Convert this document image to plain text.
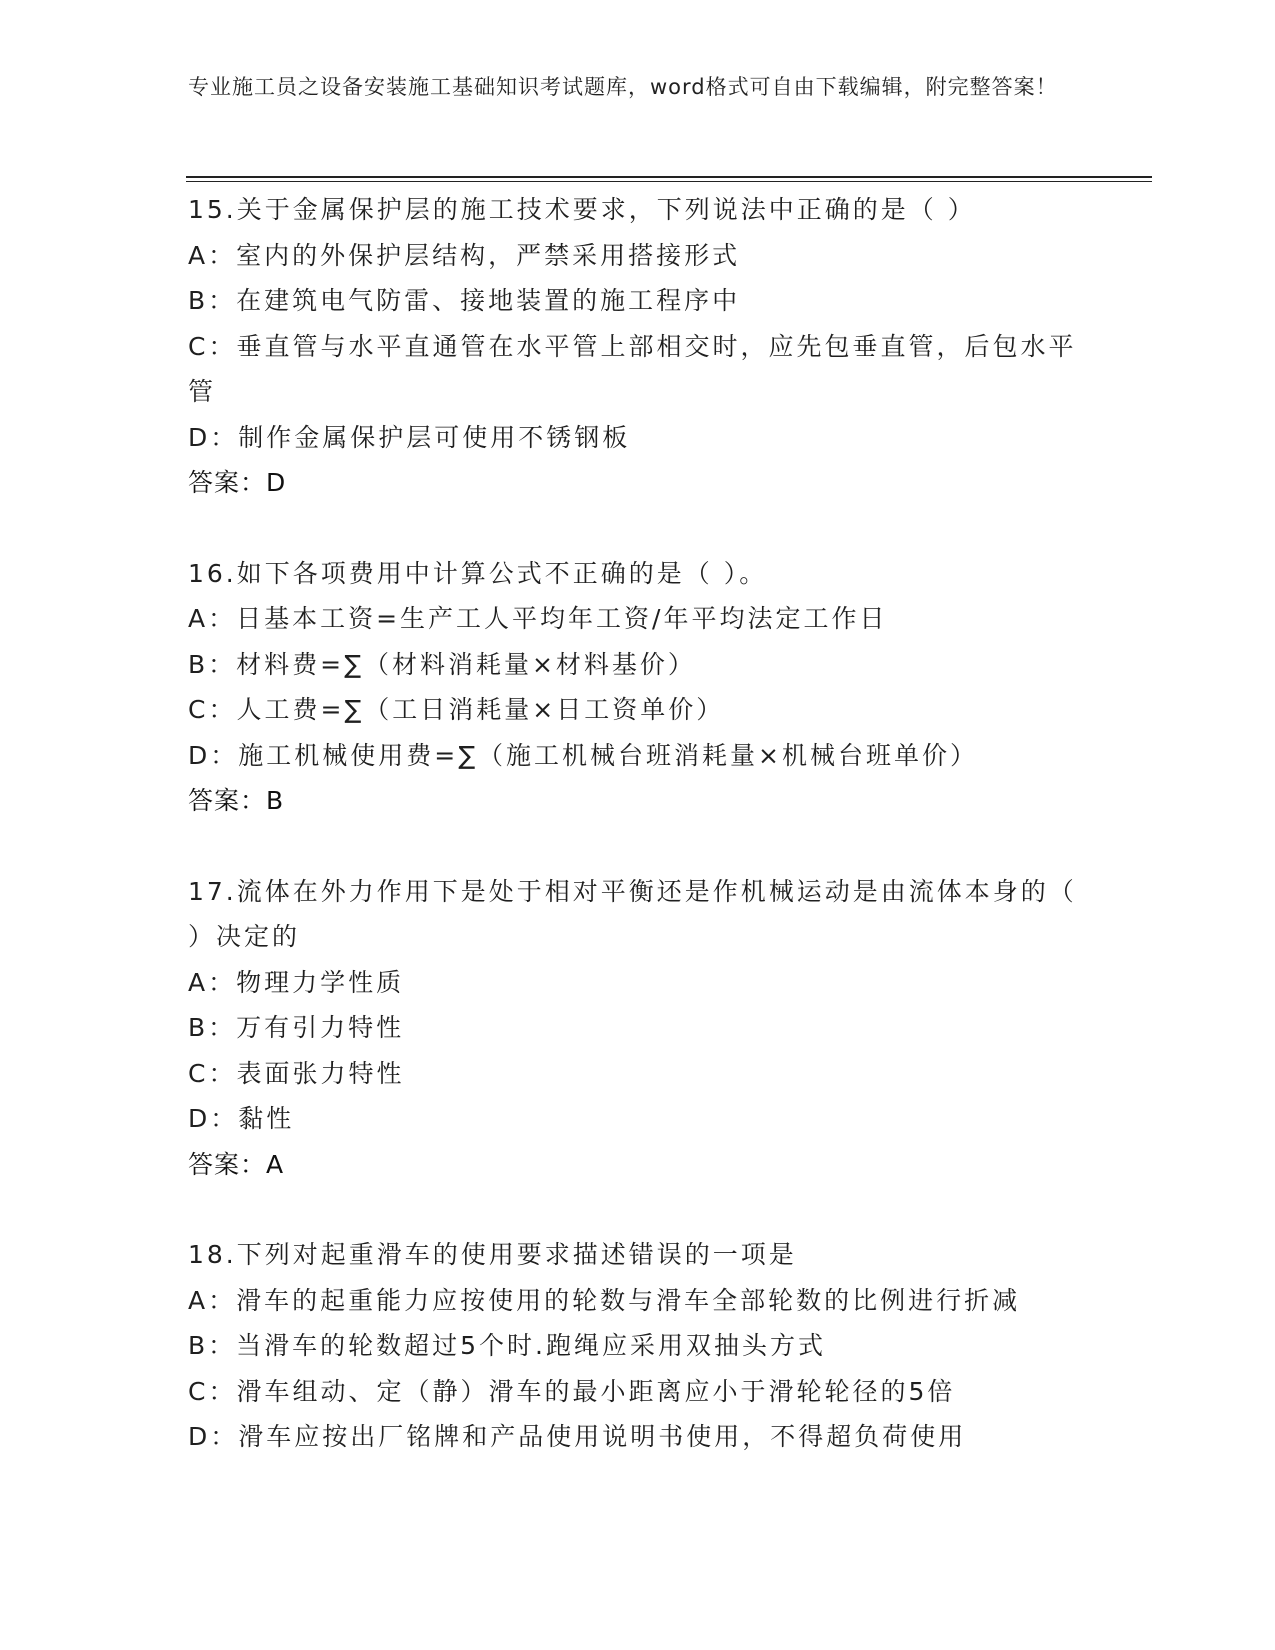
专业施工员之设备安装施工基础知识考试题库，word格式可自由下载编辑，附完整答案！
15.关于金属保护层的施工技术要求，下列说法中正确的是（ ）
A：室内的外保护层结构，严禁采用搭接形式
B：在建筑电气防雷、接地装置的施工程序中
C：垂直管与水平直通管在水平管上部相交时，应先包垂直管，后包水平管
D：制作金属保护层可使用不锈钢板
答案：D
16.如下各项费用中计算公式不正确的是（ ）。
A：日基本工资=生产工人平均年工资/年平均法定工作日
B：材料费=∑（材料消耗量×材料基价）
C：人工费=∑（工日消耗量×日工资单价）
D：施工机械使用费=∑（施工机械台班消耗量×机械台班单价）
答案：B
17.流体在外力作用下是处于相对平衡还是作机械运动是由流体本身的（ ）决定的
A：物理力学性质
B：万有引力特性
C：表面张力特性
D：黏性
答案：A
18.下列对起重滑车的使用要求描述错误的一项是
A：滑车的起重能力应按使用的轮数与滑车全部轮数的比例进行折减
B：当滑车的轮数超过5个时.跑绳应采用双抽头方式
C：滑车组动、定（静）滑车的最小距离应小于滑轮轮径的5倍
D：滑车应按出厂铭牌和产品使用说明书使用，不得超负荷使用
